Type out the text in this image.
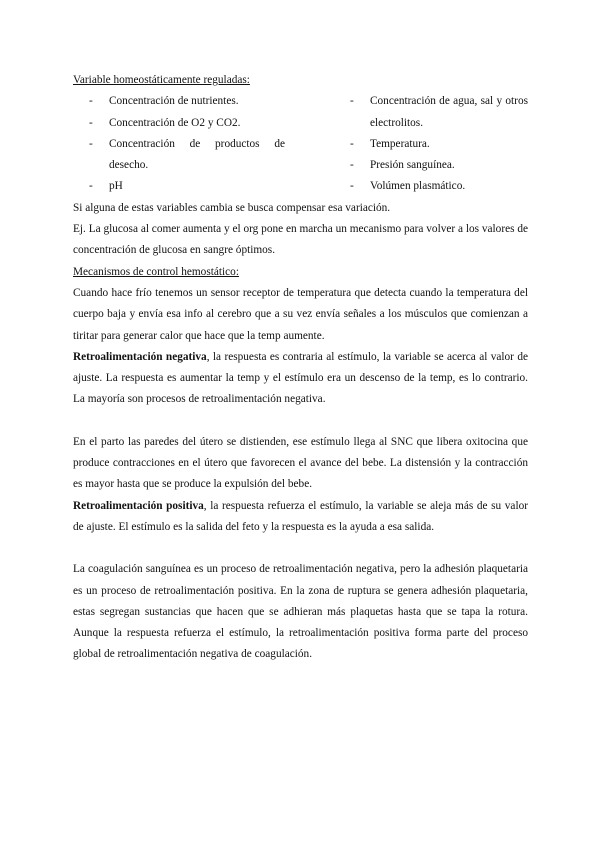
Variable homeostáticamente reguladas:
-	Concentración de nutrientes.
-	Concentración de O2 y CO2.
-	Concentración de productos de desecho.
-	pH
-	Concentración de agua, sal y otros electrolitos.
-	Temperatura.
-	Presión sanguínea.
-	Volúmen plasmático.
Si alguna de estas variables cambia se busca compensar esa variación.
Ej. La glucosa al comer aumenta y el org pone en marcha un mecanismo para volver a los valores de concentración de glucosa en sangre óptimos.
Mecanismos de control hemostático:
Cuando hace frío tenemos un sensor receptor de temperatura que detecta cuando la temperatura del cuerpo baja y envía esa info al cerebro que a su vez envía señales a los músculos que comienzan a tiritar para generar calor que hace que la temp aumente.
Retroalimentación negativa, la respuesta es contraria al estímulo, la variable se acerca al valor de ajuste. La respuesta es aumentar la temp y el estímulo era un descenso de la temp, es lo contrario. La mayoría son procesos de retroalimentación negativa.
En el parto las paredes del útero se distienden, ese estímulo llega al SNC que libera oxitocina que produce contracciones en el útero que favorecen el avance del bebe. La distensión y la contracción es mayor hasta que se produce la expulsión del bebe.
Retroalimentación positiva, la respuesta refuerza el estímulo, la variable se aleja más de su valor de ajuste. El estímulo es la salida del feto y la respuesta es la ayuda a esa salida.
La coagulación sanguínea es un proceso de retroalimentación negativa, pero la adhesión plaquetaria es un proceso de retroalimentación positiva. En la zona de ruptura se genera adhesión plaquetaria, estas segregan sustancias que hacen que se adhieran más plaquetas hasta que se tapa la rotura. Aunque la respuesta refuerza el estímulo, la retroalimentación positiva forma parte del proceso global de retroalimentación negativa de coagulación.
